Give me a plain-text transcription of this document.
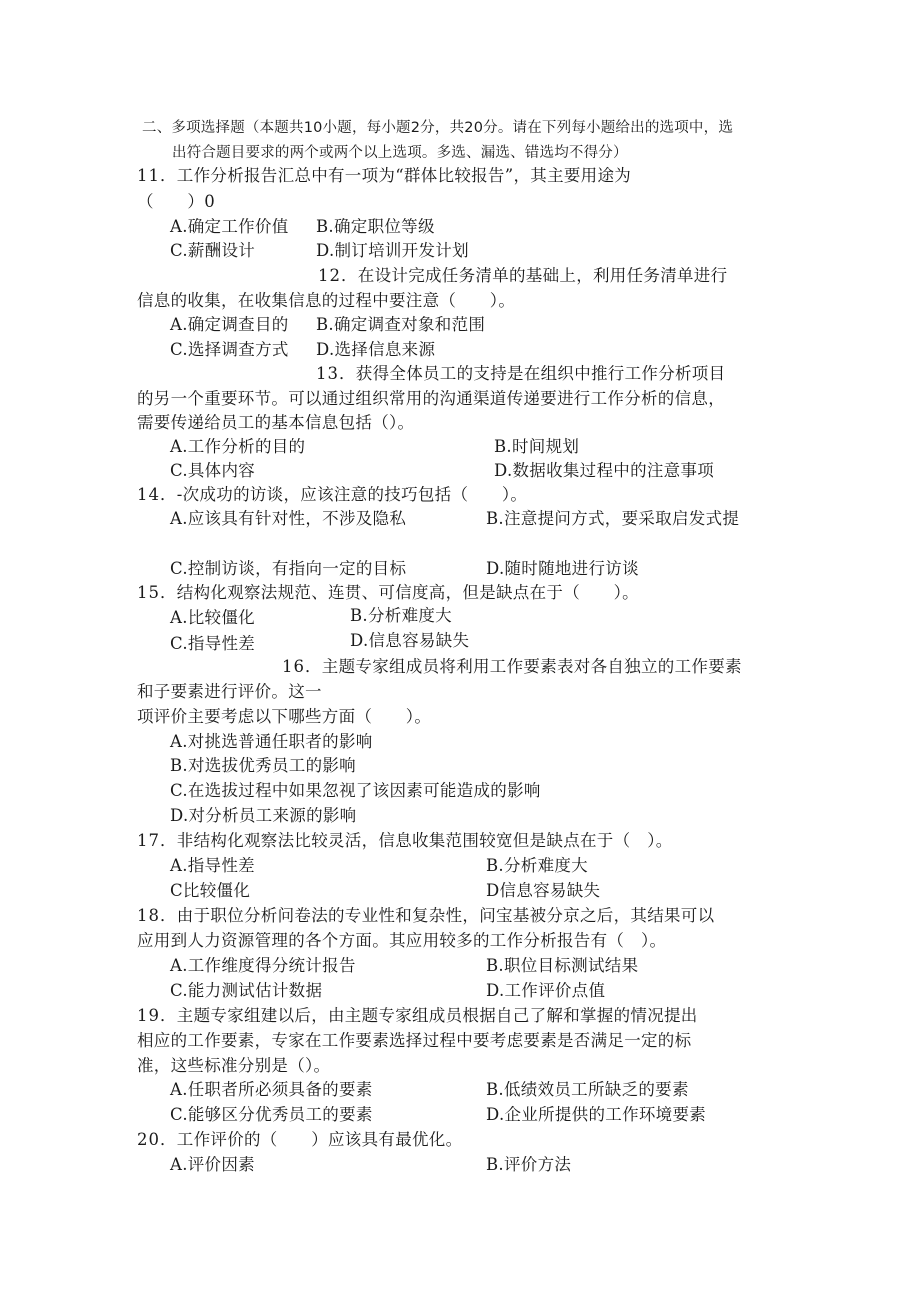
二、多项选择题（本题共10小题，每小题2分，共20分。请在下列每小题给出的选项中，选
出符合题目要求的两个或两个以上选项。多选、漏选、错选均不得分）
11．工作分析报告汇总中有一项为“群体比较报告”，其主要用途为
（　　）0
A.确定工作价值 B.确定职位等级
C.薪酬设计	D.制订培训开发计划
12．在设计完成任务清单的基础上，利用任务清单进行
信息的收集，在收集信息的过程中要注意（　　）。
A.确定调查目的 B.确定调查对象和范围
C.选择调查方式 D.选择信息来源
13．获得全体员工的支持是在组织中推行工作分析项目
的另一个重要环节。可以通过组织常用的沟通渠道传递要进行工作分析的信息，
需要传递给员工的基本信息包括（）。
A.工作分析的目的	B.时间规划
C.具体内容	D.数据收集过程中的注意事项
14．-次成功的访谈，应该注意的技巧包括（　　）。
A.应该具有针对性，不涉及隐私	B.注意提问方式，要采取启发式提
C.控制访谈，有指向一定的目标	D.随时随地进行访谈
15．结构化观察法规范、连贯、可信度高，但是缺点在于（　　）。
A.比较僵化	B.分析难度大
C.指导性差	D.信息容易缺失
16．主题专家组成员将利用工作要素表对各自独立的工作要素
和子要素进行评价。这一
项评价主要考虑以下哪些方面（　　）。
A.对挑选普通任职者的影响
B.对选拔优秀员工的影响
C.在选拔过程中如果忽视了该因素可能造成的影响
D.对分析员工来源的影响
17．非结构化观察法比较灵活，信息收集范围较宽但是缺点在于（　）。
A.指导性差	B.分析难度大
C比较僵化	D信息容易缺失
18．由于职位分析问卷法的专业性和复杂性，问宝基被分京之后，其结果可以
应用到人力资源管理的各个方面。其应用较多的工作分析报告有（　）。
A.工作维度得分统计报告	B.职位目标测试结果
C.能力测试估计数据	D.工作评价点值
19．主题专家组建以后，由主题专家组成员根据自己了解和掌握的情况提出
相应的工作要素，专家在工作要素选择过程中要考虑要素是否满足一定的标
准，这些标准分别是（）。
A.任职者所必须具备的要素	B.低绩效员工所缺乏的要素
C.能够区分优秀员工的要素	D.企业所提供的工作环境要素
20．工作评价的（　　）应该具有最优化。
A.评价因素	B.评价方法
